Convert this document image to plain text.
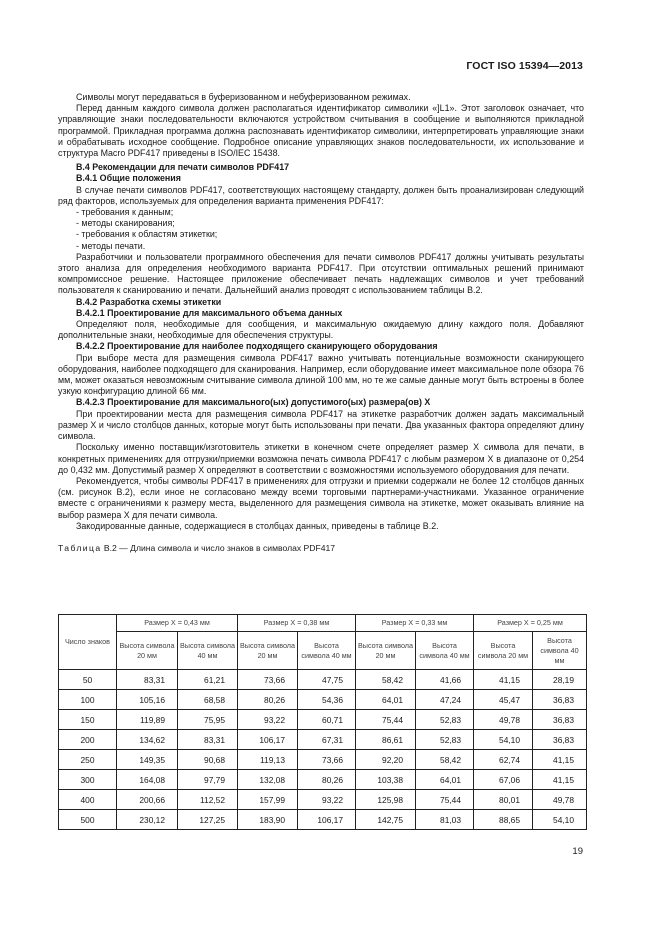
ГОСТ ISO 15394—2013

Символы могут передаваться в буферизованном и небуферизованном режимах.

Перед данным каждого символа должен располагаться идентификатор символики «]L1». Этот заголовок означает, что управляющие знаки последовательности включаются устройством считывания в сообщение и выполняются прикладной программой. Прикладная программа должна распознавать идентификатор символики, интерпретировать управляющие знаки и обрабатывать исходное сообщение. Подробное описание управляющих знаков последовательности, их использование и структура Macro PDF417 приведены в ISO/IEC 15438.

В.4 Рекомендации для печати символов PDF417

В.4.1 Общие положения

В случае печати символов PDF417, соответствующих настоящему стандарту, должен быть проанализирован следующий ряд факторов, используемых для определения варианта применения PDF417:

- требования к данным;

- методы сканирования;

- требования к областям этикетки;

- методы печати.

Разработчики и пользователи программного обеспечения для печати символов PDF417 должны учитывать результаты этого анализа для определения необходимого варианта PDF417. При отсутствии оптимальных решений принимают компромиссное решение. Настоящее приложение обеспечивает печать надлежащих символов и учет требований пользователя к сканированию и печати. Дальнейший анализ проводят с использованием таблицы В.2.

В.4.2 Разработка схемы этикетки

В.4.2.1 Проектирование для максимального объема данных

Определяют поля, необходимые для сообщения, и максимальную ожидаемую длину каждого поля. Добавляют дополнительные знаки, необходимые для обеспечения структуры.

В.4.2.2 Проектирование для наиболее подходящего сканирующего оборудования

При выборе места для размещения символа PDF417 важно учитывать потенциальные возможности сканирующего оборудования, наиболее подходящего для сканирования. Например, если оборудование имеет максимальное поле обзора 76 мм, может оказаться невозможным считывание символа длиной 100 мм, но те же самые данные могут быть встроены в более узкую конфигурацию длиной 66 мм.

В.4.2.3 Проектирование для максимального(ых) допустимого(ых) размера(ов) X

При проектировании места для размещения символа PDF417 на этикетке разработчик должен задать максимальный размер X и число столбцов данных, которые могут быть использованы при печати. Два указанных фактора определяют длину символа.

Поскольку именно поставщик/изготовитель этикетки в конечном счете определяет размер X символа для печати, в конкретных применениях для отгрузки/приемки возможна печать символа PDF417 с любым размером X в диапазоне от 0,254 до 0,432 мм. Допустимый размер X определяют в соответствии с возможностями используемого оборудования для печати.

Рекомендуется, чтобы символы PDF417 в применениях для отгрузки и приемки содержали не более 12 столбцов данных (см. рисунок В.2), если иное не согласовано между всеми торговыми партнерами-участниками. Указанное ограничение вместе с ограничениями к размеру места, выделенного для размещения символа на этикетке, может оказывать влияние на выбор размера X для печати символа.

Закодированные данные, содержащиеся в столбцах данных, приведены в таблице В.2.

Таблица В.2 — Длина символа и число знаков в символах PDF417

Число знаков	Размер X = 0,43 мм		Размер X = 0,38 мм		Размер X = 0,33 мм		Размер X = 0,25 мм	
	Высота символа 20 мм	Высота символа 40 мм	Высота символа 20 мм	Высота символа 40 мм	Высота символа 20 мм	Высота символа 40 мм	Высота символа 20 мм	Высота символа 40 мм
50	83,31	61,21	73,66	47,75	58,42	41,66	41,15	28,19
100	105,16	68,58	80,26	54,36	64,01	47,24	45,47	36,83
150	119,89	75,95	93,22	60,71	75,44	52,83	49,78	36,83
200	134,62	83,31	106,17	67,31	86,61	52,83	54,10	36,83
250	149,35	90,68	119,13	73,66	92,20	58,42	62,74	41,15
300	164,08	97,79	132,08	80,26	103,38	64,01	67,06	41,15
400	200,66	112,52	157,99	93,22	125,98	75,44	80,01	49,78
500	230,12	127,25	183,90	106,17	142,75	81,03	88,65	54,10
19
